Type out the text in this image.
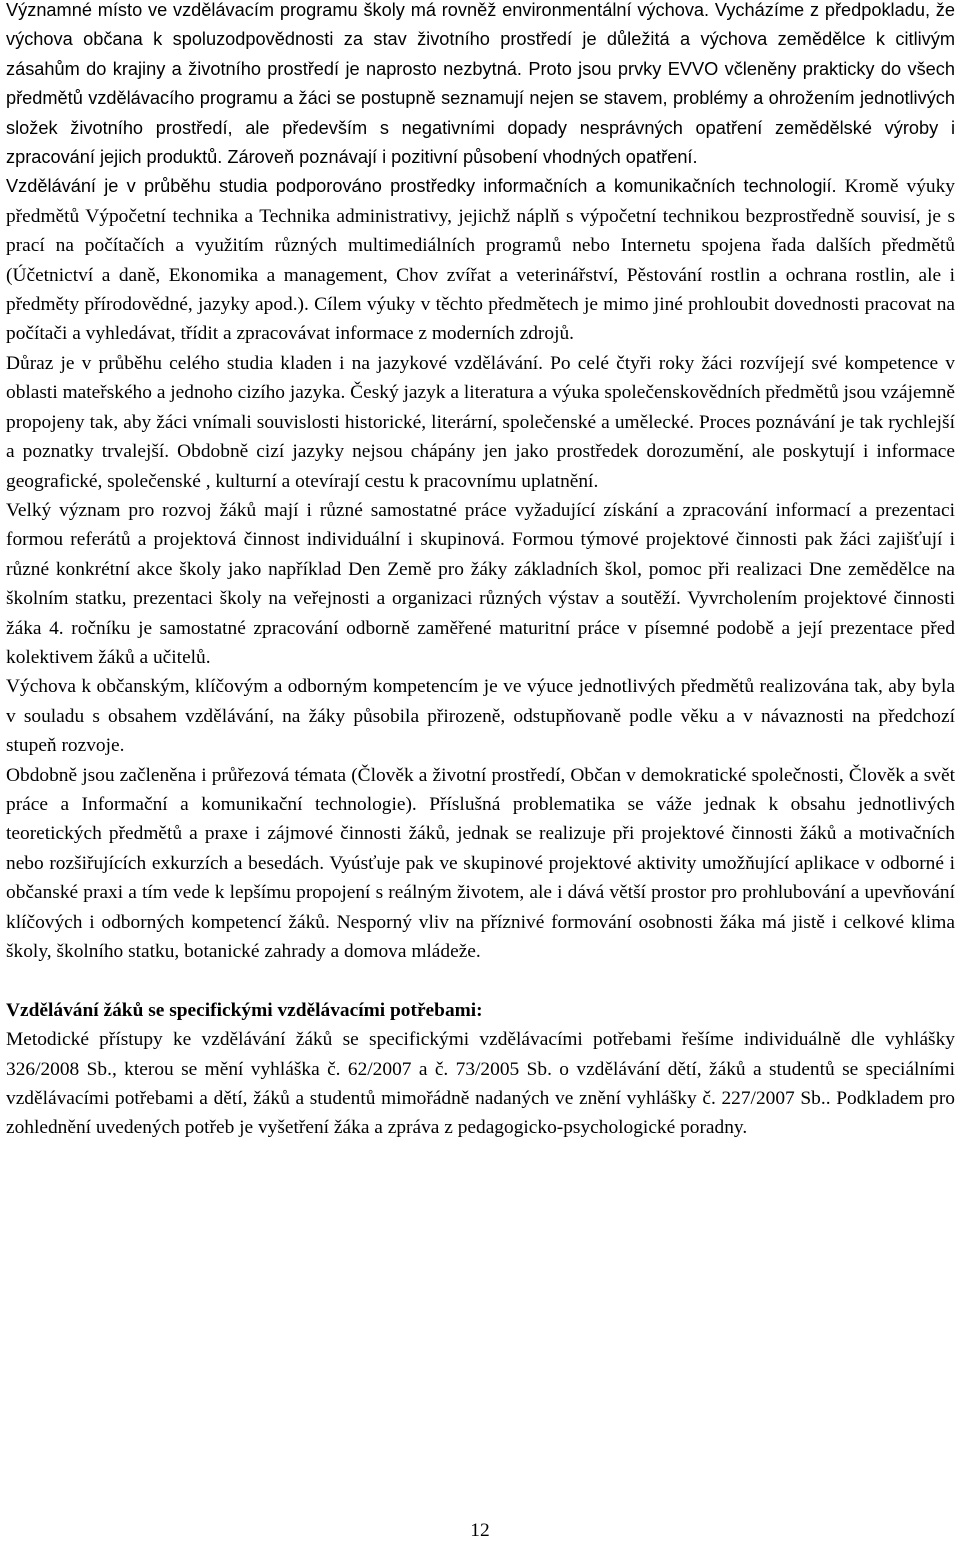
Významné místo ve vzdělávacím programu školy má rovněž environmentální výchova. Vycházíme z předpokladu, že výchova občana k spoluzodpovědnosti za stav životního prostředí je důležitá a výchova zemědělce k citlivým zásahům do krajiny a životního prostředí je naprosto nezbytná. Proto jsou prvky EVVO včleněny prakticky do všech předmětů vzdělávacího programu a žáci se postupně seznamují nejen se stavem, problémy a ohrožením jednotlivých složek životního prostředí, ale především s negativními dopady nesprávných opatření zemědělské výroby i zpracování jejich produktů. Zároveň poznávají i pozitivní působení vhodných opatření.

Vzdělávání je v průběhu studia podporováno prostředky informačních a komunikačních technologií. Kromě výuky předmětů Výpočetní technika a Technika administrativy, jejichž náplň s výpočetní technikou bezprostředně souvisí, je s prací na počítačích a využitím různých multimediálních programů nebo Internetu spojena řada dalších předmětů (Účetnictví a daně, Ekonomika a management, Chov zvířat a veterinářství, Pěstování rostlin a ochrana rostlin, ale i předměty přírodovědné, jazyky apod.). Cílem výuky v těchto předmětech je mimo jiné prohloubit dovednosti pracovat na počítači a vyhledávat, třídit a zpracovávat informace z moderních zdrojů.

Důraz je v průběhu celého studia kladen i na jazykové vzdělávání. Po celé čtyři roky žáci rozvíjejí své kompetence v oblasti mateřského a jednoho cizího jazyka. Český jazyk a literatura a výuka společenskovědních předmětů jsou vzájemně propojeny tak, aby žáci vnímali souvislosti historické, literární, společenské a umělecké. Proces poznávání je tak rychlejší a poznatky trvalejší. Obdobně cizí jazyky nejsou chápány jen jako prostředek dorozumění, ale poskytují i informace geografické, společenské , kulturní a otevírají cestu k pracovnímu uplatnění.

Velký význam pro rozvoj žáků mají i různé samostatné práce vyžadující získání a zpracování informací a prezentaci formou referátů a projektová činnost individuální i skupinová. Formou týmové projektové činnosti pak žáci zajišťují i různé konkrétní akce školy jako například Den Země pro žáky základních škol, pomoc při realizaci Dne zemědělce na školním statku, prezentaci školy na veřejnosti a organizaci různých výstav a soutěží. Vyvrcholením projektové činnosti žáka 4. ročníku je samostatné zpracování odborně zaměřené maturitní práce v písemné podobě a její prezentace před kolektivem žáků a učitelů.

Výchova k občanským, klíčovým a odborným kompetencím je ve výuce jednotlivých předmětů realizována tak, aby byla v souladu s obsahem vzdělávání, na žáky působila přirozeně, odstupňovaně podle věku a v návaznosti na předchozí stupeň rozvoje.

Obdobně jsou začleněna i průřezová témata (Člověk a životní prostředí, Občan v demokratické společnosti, Člověk a svět práce a Informační a komunikační technologie). Příslušná problematika se váže jednak k obsahu jednotlivých teoretických předmětů a praxe i zájmové činnosti žáků, jednak se realizuje při projektové činnosti žáků a motivačních nebo rozšiřujících exkurzích a besedách. Vyúsťuje pak ve skupinové projektové aktivity umožňující aplikace v odborné i občanské praxi a tím vede k lepšímu propojení s reálným životem, ale i dává větší prostor pro prohlubování a upevňování klíčových i odborných kompetencí žáků. Nesporný vliv na příznivé formování osobnosti žáka má jistě i celkové klima školy, školního statku, botanické zahrady a domova mládeže.

Vzdělávání žáků se specifickými vzdělávacími potřebami:

Metodické přístupy ke vzdělávání žáků se specifickými vzdělávacími potřebami řešíme individuálně dle vyhlášky 326/2008 Sb., kterou se mění vyhláška č. 62/2007 a č. 73/2005 Sb. o vzdělávání dětí, žáků a studentů se speciálními vzdělávacími potřebami a dětí, žáků a studentů mimořádně nadaných ve znění vyhlášky č. 227/2007 Sb.. Podkladem pro zohlednění uvedených potřeb je vyšetření žáka a zpráva z pedagogicko-psychologické poradny.

12
